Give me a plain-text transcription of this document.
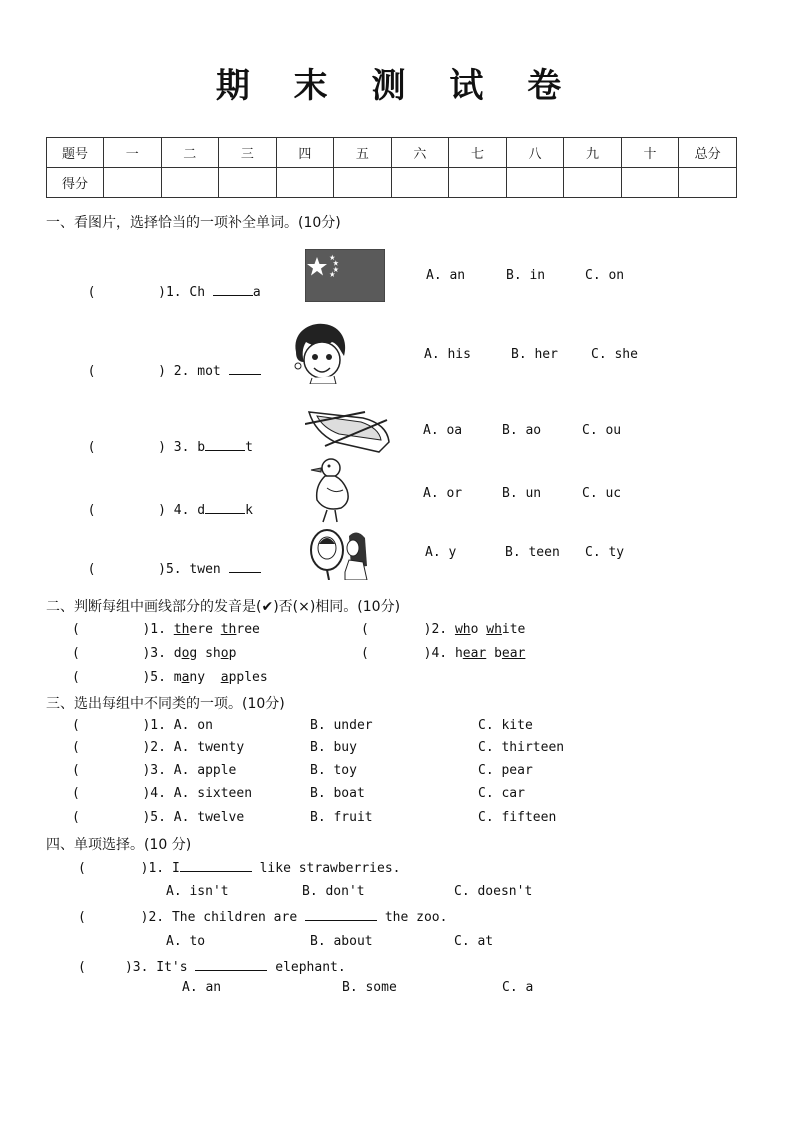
期 末 测 试 卷
题号	一	二	三	四	五	六	七	八	九	十	总分
得分											
一、看图片，选择恰当的一项补全单词。(10分)

(        )1. Ch	a

A. an	B. in	C. on

(        ) 2. mot

A. his	B. her	C. she

(        ) 3. b	t

A. oa	B. ao	C. ou

(        ) 4. d	k

A. or	B. un	C. uc

(        )5. twen

A. y	B. teen C. ty
二、判断每组中画线部分的发音是(✔)否(×)相同。(10分)
(	)1. there three	(	)2. who white
(	)3. dog shop	(	)4. hear bear
(	)5. many apples
三、选出每组中不同类的一项。(10分)
(	)1. A. on	B. under	C. kite
(	)2. A. twenty	B. buy	C. thirteen
(	)3. A. apple	B. toy	C. pear
(	)4. A. sixteen	B. boat	C. car
(	)5. A. twelve	B. fruit	C. fifteen
四、单项选择。(10 分)
(	)1. I	like strawberries.
A. isn't	B. don't	C. doesn't
(	)2. The children are	the zoo.
A. to	B. about	C. at
(	)3. It's	elephant.
A. an	B. some	C. a
